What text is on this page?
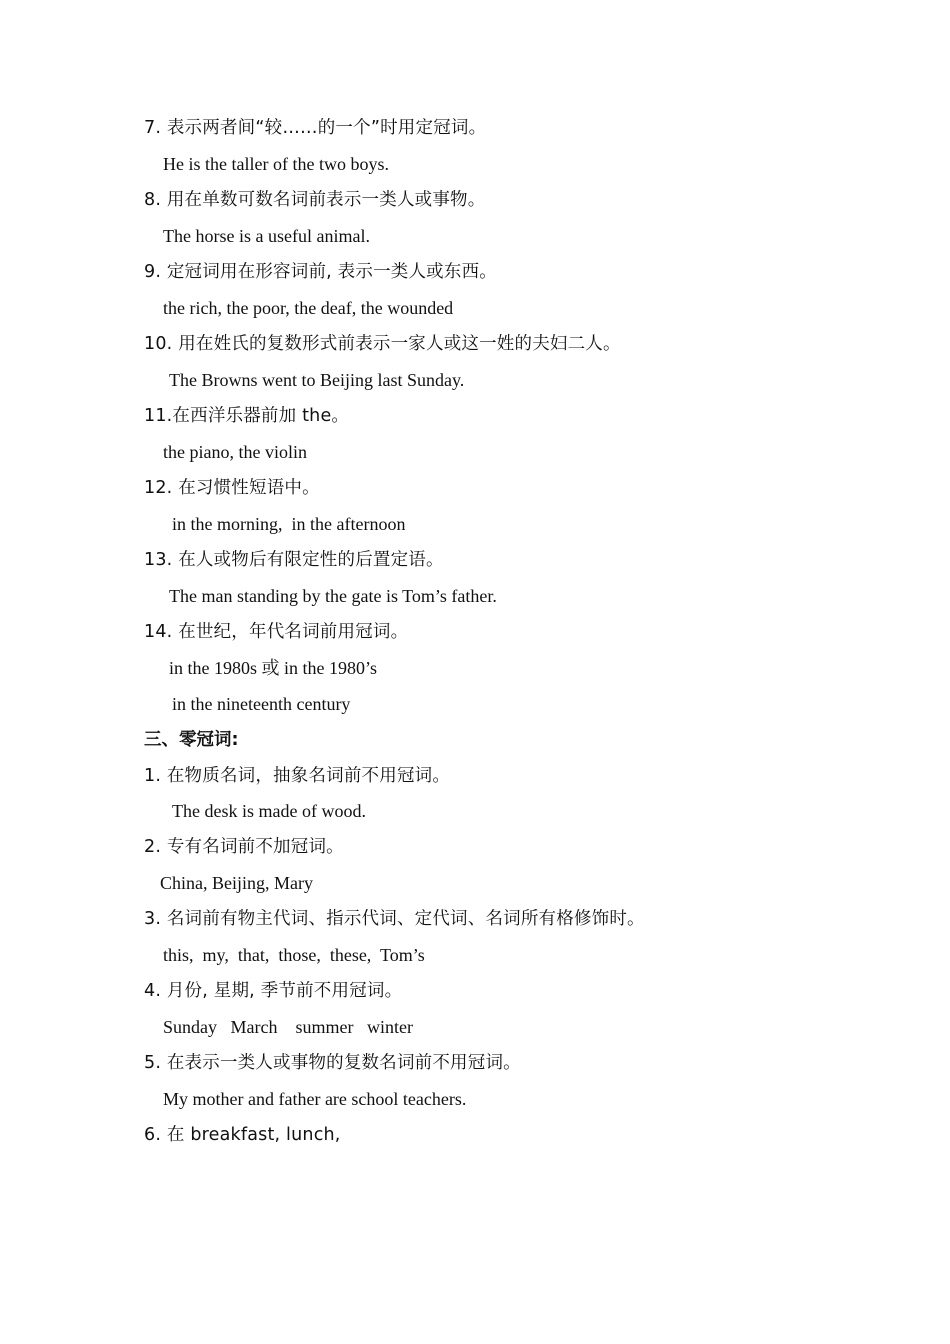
7. 表示两者间“较……的一个”时用定冠词。
He is the taller of the two boys.
8. 用在单数可数名词前表示一类人或事物。
The horse is a useful animal.
9. 定冠词用在形容词前, 表示一类人或东西。
the rich, the poor, the deaf, the wounded
10. 用在姓氏的复数形式前表示一家人或这一姓的夫妇二人。
The Browns went to Beijing last Sunday.
11.在西洋乐器前加 the。
the piano, the violin
12. 在习惯性短语中。
in the morning,  in the afternoon
13. 在人或物后有限定性的后置定语。
The man standing by the gate is Tom’s father.
14. 在世纪，年代名词前用冠词。
in the 1980s 或 in the 1980’s
in the nineteenth century
三、零冠词:
1. 在物质名词，抽象名词前不用冠词。
The desk is made of wood.
2. 专有名词前不加冠词。
China, Beijing, Mary
3. 名词前有物主代词、指示代词、定代词、名词所有格修饰时。
this,  my,  that,  those,  these,  Tom’s
4. 月份, 星期, 季节前不用冠词。
Sunday   March    summer   winter
5. 在表示一类人或事物的复数名词前不用冠词。
My mother and father are school teachers.
6. 在 breakfast, lunch,
